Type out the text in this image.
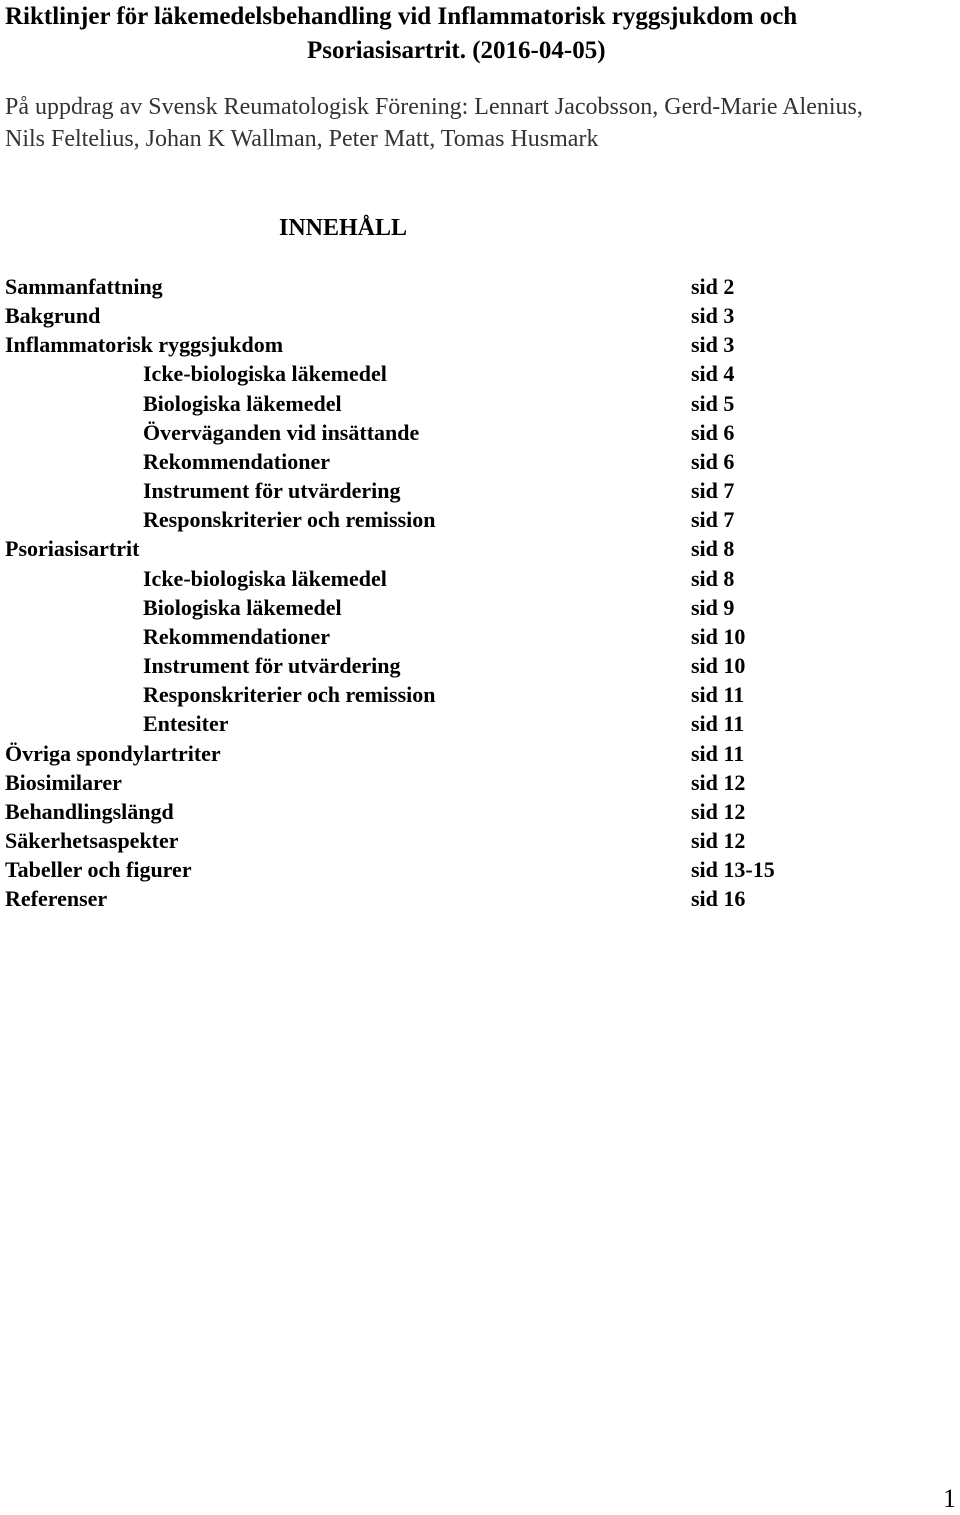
Riktlinjer för läkemedelsbehandling vid Inflammatorisk ryggsjukdom och
Psoriasisartrit. (2016-04-05)

På uppdrag av Svensk Reumatologisk Förening: Lennart Jacobsson, Gerd-Marie Alenius,
Nils Feltelius, Johan K Wallman, Peter Matt, Tomas Husmark

INNEHÅLL
Sammanfattning	sid 2
Bakgrund	sid 3
Inflammatorisk ryggsjukdom	sid 3
Icke-biologiska läkemedel	sid 4
Biologiska läkemedel	sid 5
Överväganden vid insättande	sid 6
Rekommendationer	sid 6
Instrument för utvärdering	sid 7
Responskriterier och remission	sid 7
Psoriasisartrit	sid 8
Icke-biologiska läkemedel	sid 8
Biologiska läkemedel	sid 9
Rekommendationer	sid 10
Instrument för utvärdering	sid 10
Responskriterier och remission	sid 11
Entesiter	sid 11
Övriga spondylartriter	sid 11
Biosimilarer	sid 12
Behandlingslängd	sid 12
Säkerhetsaspekter	sid 12
Tabeller och figurer	sid 13-15
Referenser	sid 16

1
